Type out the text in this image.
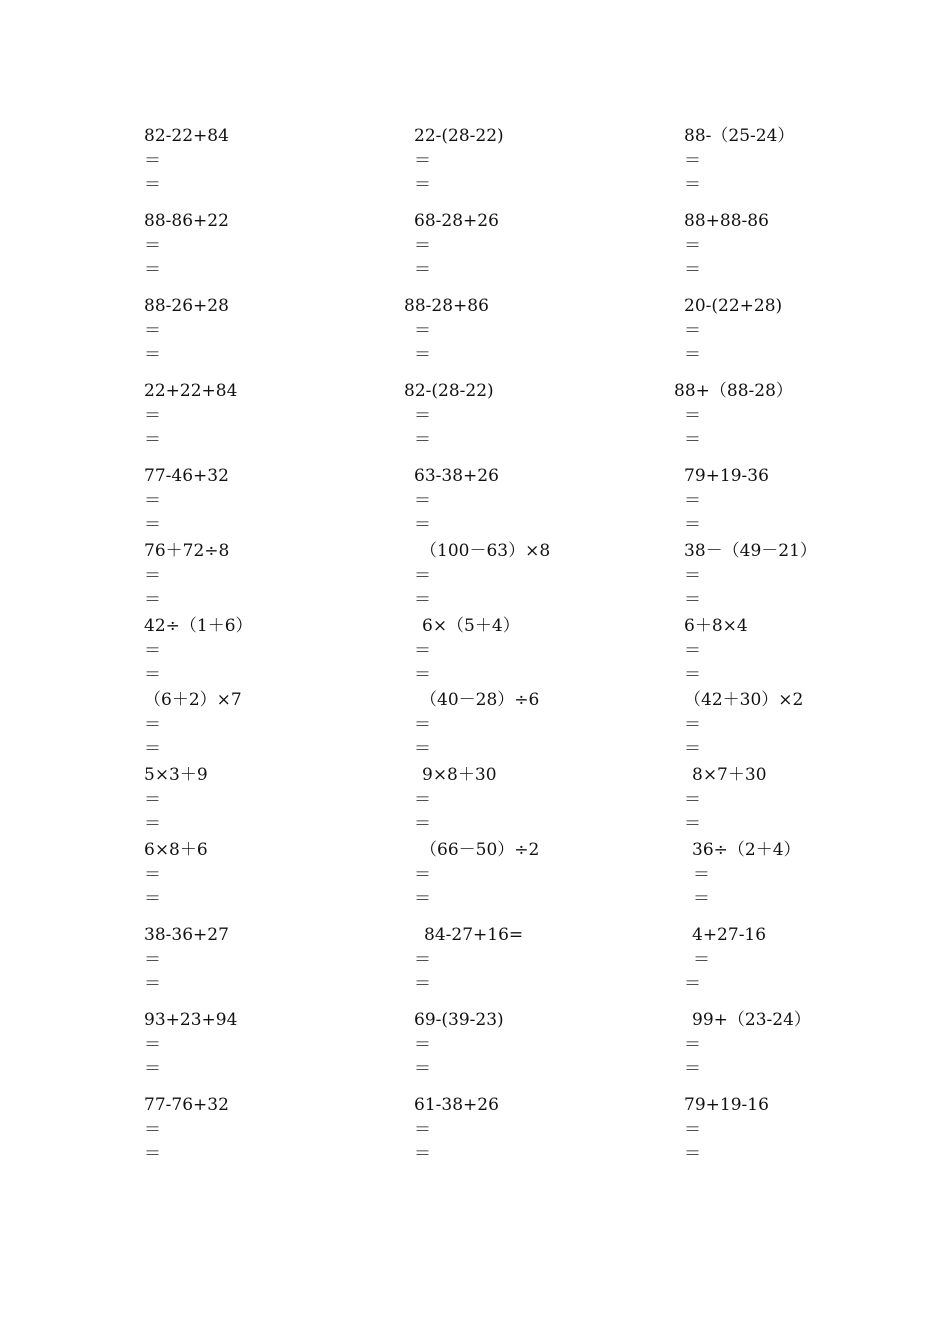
82-22+84
＝
＝
22-(28-22)
＝
＝
88-（25-24）
＝
＝
88-86+22
＝
＝
68-28+26
＝
＝
88+88-86
＝
＝
88-26+28
＝
＝
88-28+86
＝
＝
20-(22+28)
＝
＝
22+22+84
＝
＝
82-(28-22)
＝
＝
88+（88-28）
＝
＝
77-46+32
＝
＝
63-38+26
＝
＝
79+19-36
＝
＝
76＋72÷8
＝
＝
（100－63）×8
＝
＝
38－（49－21）
＝
＝
42÷（1＋6）
＝
＝
6×（5＋4）
＝
＝
6＋8×4
＝
＝
（6＋2）×7
＝
＝
（40－28）÷6
＝
＝
（42＋30）×2
＝
＝
5×3＋9
＝
＝
9×8＋30
＝
＝
8×7＋30
＝
＝
6×8＋6
＝
＝
（66－50）÷2
＝
＝
36÷（2＋4）
＝
＝
38-36+27
＝
＝
84-27+16=
＝
＝
4+27-16
＝
＝
93+23+94
＝
＝
69-(39-23)
＝
＝
99+（23-24）
＝
＝
77-76+32
＝
＝
61-38+26
＝
＝
79+19-16
＝
＝
